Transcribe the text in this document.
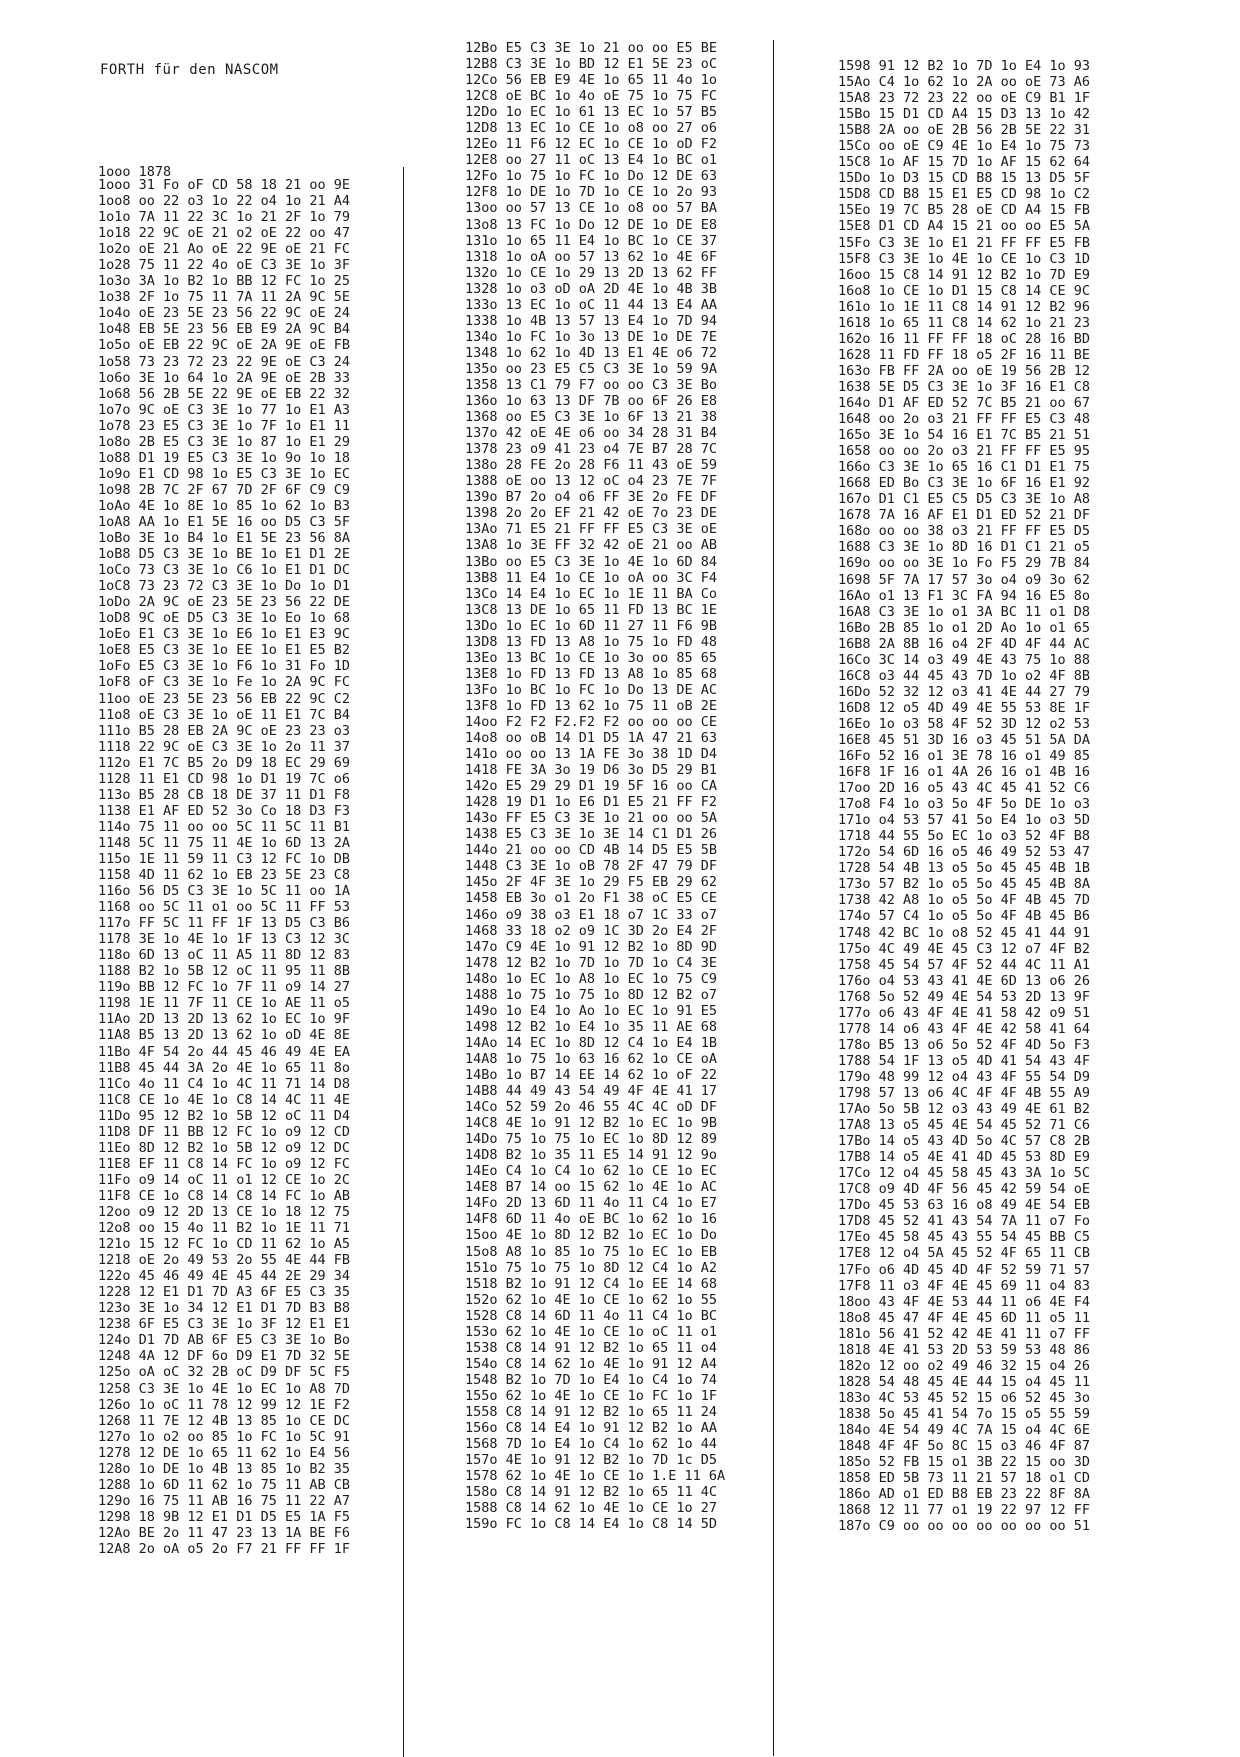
FORTH für den NASCOM
1ooo 1878
1ooo 31 Fo oF CD 58 18 21 oo 9E
1oo8 oo 22 o3 1o 22 o4 1o 21 A4
1o1o 7A 11 22 3C 1o 21 2F 1o 79
1o18 22 9C oE 21 o2 oE 22 oo 47
1o2o oE 21 Ao oE 22 9E oE 21 FC
1o28 75 11 22 4o oE C3 3E 1o 3F
1o3o 3A 1o B2 1o BB 12 FC 1o 25
1o38 2F 1o 75 11 7A 11 2A 9C 5E
1o4o oE 23 5E 23 56 22 9C oE 24
1o48 EB 5E 23 56 EB E9 2A 9C B4
1o5o oE EB 22 9C oE 2A 9E oE FB
1o58 73 23 72 23 22 9E oE C3 24
1o6o 3E 1o 64 1o 2A 9E oE 2B 33
1o68 56 2B 5E 22 9E oE EB 22 32
1o7o 9C oE C3 3E 1o 77 1o E1 A3
1o78 23 E5 C3 3E 1o 7F 1o E1 11
1o8o 2B E5 C3 3E 1o 87 1o E1 29
1o88 D1 19 E5 C3 3E 1o 9o 1o 18
1o9o E1 CD 98 1o E5 C3 3E 1o EC
1o98 2B 7C 2F 67 7D 2F 6F C9 C9
1oAo 4E 1o 8E 1o 85 1o 62 1o B3
1oA8 AA 1o E1 5E 16 oo D5 C3 5F
1oBo 3E 1o B4 1o E1 5E 23 56 8A
1oB8 D5 C3 3E 1o BE 1o E1 D1 2E
1oCo 73 C3 3E 1o C6 1o E1 D1 DC
1oC8 73 23 72 C3 3E 1o Do 1o D1
1oDo 2A 9C oE 23 5E 23 56 22 DE
1oD8 9C oE D5 C3 3E 1o Eo 1o 68
1oEo E1 C3 3E 1o E6 1o E1 E3 9C
1oE8 E5 C3 3E 1o EE 1o E1 E5 B2
1oFo E5 C3 3E 1o F6 1o 31 Fo 1D
1oF8 oF C3 3E 1o Fe 1o 2A 9C FC
11oo oE 23 5E 23 56 EB 22 9C C2
11o8 oE C3 3E 1o oE 11 E1 7C B4
111o B5 28 EB 2A 9C oE 23 23 o3
1118 22 9C oE C3 3E 1o 2o 11 37
112o E1 7C B5 2o D9 18 EC 29 69
1128 11 E1 CD 98 1o D1 19 7C o6
113o B5 28 CB 18 DE 37 11 D1 F8
1138 E1 AF ED 52 3o Co 18 D3 F3
114o 75 11 oo oo 5C 11 5C 11 B1
1148 5C 11 75 11 4E 1o 6D 13 2A
115o 1E 11 59 11 C3 12 FC 1o DB
1158 4D 11 62 1o EB 23 5E 23 C8
116o 56 D5 C3 3E 1o 5C 11 oo 1A
1168 oo 5C 11 o1 oo 5C 11 FF 53
117o FF 5C 11 FF 1F 13 D5 C3 B6
1178 3E 1o 4E 1o 1F 13 C3 12 3C
118o 6D 13 oC 11 A5 11 8D 12 83
1188 B2 1o 5B 12 oC 11 95 11 8B
119o BB 12 FC 1o 7F 11 o9 14 27
1198 1E 11 7F 11 CE 1o AE 11 o5
11Ao 2D 13 2D 13 62 1o EC 1o 9F
11A8 B5 13 2D 13 62 1o oD 4E 8E
11Bo 4F 54 2o 44 45 46 49 4E EA
11B8 45 44 3A 2o 4E 1o 65 11 8o
11Co 4o 11 C4 1o 4C 11 71 14 D8
11C8 CE 1o 4E 1o C8 14 4C 11 4E
11Do 95 12 B2 1o 5B 12 oC 11 D4
11D8 DF 11 BB 12 FC 1o o9 12 CD
11Eo 8D 12 B2 1o 5B 12 o9 12 DC
11E8 EF 11 C8 14 FC 1o o9 12 FC
11Fo o9 14 oC 11 o1 12 CE 1o 2C
11F8 CE 1o C8 14 C8 14 FC 1o AB
12oo o9 12 2D 13 CE 1o 18 12 75
12o8 oo 15 4o 11 B2 1o 1E 11 71
121o 15 12 FC 1o CD 11 62 1o A5
1218 oE 2o 49 53 2o 55 4E 44 FB
122o 45 46 49 4E 45 44 2E 29 34
1228 12 E1 D1 7D A3 6F E5 C3 35
123o 3E 1o 34 12 E1 D1 7D B3 B8
1238 6F E5 C3 3E 1o 3F 12 E1 E1
124o D1 7D AB 6F E5 C3 3E 1o Bo
1248 4A 12 DF 6o D9 E1 7D 32 5E
125o oA oC 32 2B oC D9 DF 5C F5
1258 C3 3E 1o 4E 1o EC 1o A8 7D
126o 1o oC 11 78 12 99 12 1E F2
1268 11 7E 12 4B 13 85 1o CE DC
127o 1o o2 oo 85 1o FC 1o 5C 91
1278 12 DE 1o 65 11 62 1o E4 56
128o 1o DE 1o 4B 13 85 1o B2 35
1288 1o 6D 11 62 1o 75 11 AB CB
129o 16 75 11 AB 16 75 11 22 A7
1298 18 9B 12 E1 D1 D5 E5 1A F5
12Ao BE 2o 11 47 23 13 1A BE F6
12A8 2o oA o5 2o F7 21 FF FF 1F
12Bo E5 C3 3E 1o 21 oo oo E5 BE
12B8 C3 3E 1o BD 12 E1 5E 23 oC
12Co 56 EB E9 4E 1o 65 11 4o 1o
12C8 oE BC 1o 4o oE 75 1o 75 FC
12Do 1o EC 1o 61 13 EC 1o 57 B5
12D8 13 EC 1o CE 1o o8 oo 27 o6
12Eo 11 F6 12 EC 1o CE 1o oD F2
12E8 oo 27 11 oC 13 E4 1o BC o1
12Fo 1o 75 1o FC 1o Do 12 DE 63
12F8 1o DE 1o 7D 1o CE 1o 2o 93
13oo oo 57 13 CE 1o o8 oo 57 BA
13o8 13 FC 1o Do 12 DE 1o DE E8
131o 1o 65 11 E4 1o BC 1o CE 37
1318 1o oA oo 57 13 62 1o 4E 6F
132o 1o CE 1o 29 13 2D 13 62 FF
1328 1o o3 oD oA 2D 4E 1o 4B 3B
133o 13 EC 1o oC 11 44 13 E4 AA
1338 1o 4B 13 57 13 E4 1o 7D 94
134o 1o FC 1o 3o 13 DE 1o DE 7E
1348 1o 62 1o 4D 13 E1 4E o6 72
135o oo 23 E5 C5 C3 3E 1o 59 9A
1358 13 C1 79 F7 oo oo C3 3E Bo
136o 1o 63 13 DF 7B oo 6F 26 E8
1368 oo E5 C3 3E 1o 6F 13 21 38
137o 42 oE 4E o6 oo 34 28 31 B4
1378 23 o9 41 23 o4 7E B7 28 7C
138o 28 FE 2o 28 F6 11 43 oE 59
1388 oE oo 13 12 oC o4 23 7E 7F
139o B7 2o o4 o6 FF 3E 2o FE DF
1398 2o 2o EF 21 42 oE 7o 23 DE
13Ao 71 E5 21 FF FF E5 C3 3E oE
13A8 1o 3E FF 32 42 oE 21 oo AB
13Bo oo E5 C3 3E 1o 4E 1o 6D 84
13B8 11 E4 1o CE 1o oA oo 3C F4
13Co 14 E4 1o EC 1o 1E 11 BA Co
13C8 13 DE 1o 65 11 FD 13 BC 1E
13Do 1o EC 1o 6D 11 27 11 F6 9B
13D8 13 FD 13 A8 1o 75 1o FD 48
13Eo 13 BC 1o CE 1o 3o oo 85 65
13E8 1o FD 13 FD 13 A8 1o 85 68
13Fo 1o BC 1o FC 1o Do 13 DE AC
13F8 1o FD 13 62 1o 75 11 oB 2E
14oo F2 F2 F2.F2 F2 oo oo oo CE
14o8 oo oB 14 D1 D5 1A 47 21 63
141o oo oo 13 1A FE 3o 38 1D D4
1418 FE 3A 3o 19 D6 3o D5 29 B1
142o E5 29 29 D1 19 5F 16 oo CA
1428 19 D1 1o E6 D1 E5 21 FF F2
143o FF E5 C3 3E 1o 21 oo oo 5A
1438 E5 C3 3E 1o 3E 14 C1 D1 26
144o 21 oo oo CD 4B 14 D5 E5 5B
1448 C3 3E 1o oB 78 2F 47 79 DF
145o 2F 4F 3E 1o 29 F5 EB 29 62
1458 EB 3o o1 2o F1 38 oC E5 CE
146o o9 38 o3 E1 18 o7 1C 33 o7
1468 33 18 o2 o9 1C 3D 2o E4 2F
147o C9 4E 1o 91 12 B2 1o 8D 9D
1478 12 B2 1o 7D 1o 7D 1o C4 3E
148o 1o EC 1o A8 1o EC 1o 75 C9
1488 1o 75 1o 75 1o 8D 12 B2 o7
149o 1o E4 1o Ao 1o EC 1o 91 E5
1498 12 B2 1o E4 1o 35 11 AE 68
14Ao 14 EC 1o 8D 12 C4 1o E4 1B
14A8 1o 75 1o 63 16 62 1o CE oA
14Bo 1o B7 14 EE 14 62 1o oF 22
14B8 44 49 43 54 49 4F 4E 41 17
14Co 52 59 2o 46 55 4C 4C oD DF
14C8 4E 1o 91 12 B2 1o EC 1o 9B
14Do 75 1o 75 1o EC 1o 8D 12 89
14D8 B2 1o 35 11 E5 14 91 12 9o
14Eo C4 1o C4 1o 62 1o CE 1o EC
14E8 B7 14 oo 15 62 1o 4E 1o AC
14Fo 2D 13 6D 11 4o 11 C4 1o E7
14F8 6D 11 4o oE BC 1o 62 1o 16
15oo 4E 1o 8D 12 B2 1o EC 1o Do
15o8 A8 1o 85 1o 75 1o EC 1o EB
151o 75 1o 75 1o 8D 12 C4 1o A2
1518 B2 1o 91 12 C4 1o EE 14 68
152o 62 1o 4E 1o CE 1o 62 1o 55
1528 C8 14 6D 11 4o 11 C4 1o BC
153o 62 1o 4E 1o CE 1o oC 11 o1
1538 C8 14 91 12 B2 1o 65 11 o4
154o C8 14 62 1o 4E 1o 91 12 A4
1548 B2 1o 7D 1o E4 1o C4 1o 74
155o 62 1o 4E 1o CE 1o FC 1o 1F
1558 C8 14 91 12 B2 1o 65 11 24
156o C8 14 E4 1o 91 12 B2 1o AA
1568 7D 1o E4 1o C4 1o 62 1o 44
157o 4E 1o 91 12 B2 1o 7D 1c D5
1578 62 1o 4E 1o CE 1o 1.E 11 6A
158o C8 14 91 12 B2 1o 65 11 4C
1588 C8 14 62 1o 4E 1o CE 1o 27
159o FC 1o C8 14 E4 1o C8 14 5D
1598 91 12 B2 1o 7D 1o E4 1o 93
15Ao C4 1o 62 1o 2A oo oE 73 A6
15A8 23 72 23 22 oo oE C9 B1 1F
15Bo 15 D1 CD A4 15 D3 13 1o 42
15B8 2A oo oE 2B 56 2B 5E 22 31
15Co oo oE C9 4E 1o E4 1o 75 73
15C8 1o AF 15 7D 1o AF 15 62 64
15Do 1o D3 15 CD B8 15 13 D5 5F
15D8 CD B8 15 E1 E5 CD 98 1o C2
15Eo 19 7C B5 28 oE CD A4 15 FB
15E8 D1 CD A4 15 21 oo oo E5 5A
15Fo C3 3E 1o E1 21 FF FF E5 FB
15F8 C3 3E 1o 4E 1o CE 1o C3 1D
16oo 15 C8 14 91 12 B2 1o 7D E9
16o8 1o CE 1o D1 15 C8 14 CE 9C
161o 1o 1E 11 C8 14 91 12 B2 96
1618 1o 65 11 C8 14 62 1o 21 23
162o 16 11 FF FF 18 oC 28 16 BD
1628 11 FD FF 18 o5 2F 16 11 BE
163o FB FF 2A oo oE 19 56 2B 12
1638 5E D5 C3 3E 1o 3F 16 E1 C8
164o D1 AF ED 52 7C B5 21 oo 67
1648 oo 2o o3 21 FF FF E5 C3 48
165o 3E 1o 54 16 E1 7C B5 21 51
1658 oo oo 2o o3 21 FF FF E5 95
166o C3 3E 1o 65 16 C1 D1 E1 75
1668 ED Bo C3 3E 1o 6F 16 E1 92
167o D1 C1 E5 C5 D5 C3 3E 1o A8
1678 7A 16 AF E1 D1 ED 52 21 DF
168o oo oo 38 o3 21 FF FF E5 D5
1688 C3 3E 1o 8D 16 D1 C1 21 o5
169o oo oo 3E 1o Fo F5 29 7B 84
1698 5F 7A 17 57 3o o4 o9 3o 62
16Ao o1 13 F1 3C FA 94 16 E5 8o
16A8 C3 3E 1o o1 3A BC 11 o1 D8
16Bo 2B 85 1o o1 2D Ao 1o o1 65
16B8 2A 8B 16 o4 2F 4D 4F 44 AC
16Co 3C 14 o3 49 4E 43 75 1o 88
16C8 o3 44 45 43 7D 1o o2 4F 8B
16Do 52 32 12 o3 41 4E 44 27 79
16D8 12 o5 4D 49 4E 55 53 8E 1F
16Eo 1o o3 58 4F 52 3D 12 o2 53
16E8 45 51 3D 16 o3 45 51 5A DA
16Fo 52 16 o1 3E 78 16 o1 49 85
16F8 1F 16 o1 4A 26 16 o1 4B 16
17oo 2D 16 o5 43 4C 45 41 52 C6
17o8 F4 1o o3 5o 4F 5o DE 1o o3
171o o4 53 57 41 5o E4 1o o3 5D
1718 44 55 5o EC 1o o3 52 4F B8
172o 54 6D 16 o5 46 49 52 53 47
1728 54 4B 13 o5 5o 45 45 4B 1B
173o 57 B2 1o o5 5o 45 45 4B 8A
1738 42 A8 1o o5 5o 4F 4B 45 7D
174o 57 C4 1o o5 5o 4F 4B 45 B6
1748 42 BC 1o o8 52 45 41 44 91
175o 4C 49 4E 45 C3 12 o7 4F B2
1758 45 54 57 4F 52 44 4C 11 A1
176o o4 53 43 41 4E 6D 13 o6 26
1768 5o 52 49 4E 54 53 2D 13 9F
177o o6 43 4F 4E 41 58 42 o9 51
1778 14 o6 43 4F 4E 42 58 41 64
178o B5 13 o6 5o 52 4F 4D 5o F3
1788 54 1F 13 o5 4D 41 54 43 4F
179o 48 99 12 o4 43 4F 55 54 D9
1798 57 13 o6 4C 4F 4F 4B 55 A9
17Ao 5o 5B 12 o3 43 49 4E 61 B2
17A8 13 o5 45 4E 54 45 52 71 C6
17Bo 14 o5 43 4D 5o 4C 57 C8 2B
17B8 14 o5 4E 41 4D 45 53 8D E9
17Co 12 o4 45 58 45 43 3A 1o 5C
17C8 o9 4D 4F 56 45 42 59 54 oE
17Do 45 53 63 16 o8 49 4E 54 EB
17D8 45 52 41 43 54 7A 11 o7 Fo
17Eo 45 58 45 43 55 54 45 BB C5
17E8 12 o4 5A 45 52 4F 65 11 CB
17Fo o6 4D 45 4D 4F 52 59 71 57
17F8 11 o3 4F 4E 45 69 11 o4 83
18oo 43 4F 4E 53 44 11 o6 4E F4
18o8 45 47 4F 4E 45 6D 11 o5 11
181o 56 41 52 42 4E 41 11 o7 FF
1818 4E 41 53 2D 53 59 53 48 86
182o 12 oo o2 49 46 32 15 o4 26
1828 54 48 45 4E 44 15 o4 45 11
183o 4C 53 45 52 15 o6 52 45 3o
1838 5o 45 41 54 7o 15 o5 55 59
184o 4E 54 49 4C 7A 15 o4 4C 6E
1848 4F 4F 5o 8C 15 o3 46 4F 87
185o 52 FB 15 o1 3B 22 15 oo 3D
1858 ED 5B 73 11 21 57 18 o1 CD
186o AD o1 ED B8 EB 23 22 8F 8A
1868 12 11 77 o1 19 22 97 12 FF
187o C9 oo oo oo oo oo oo oo 51
